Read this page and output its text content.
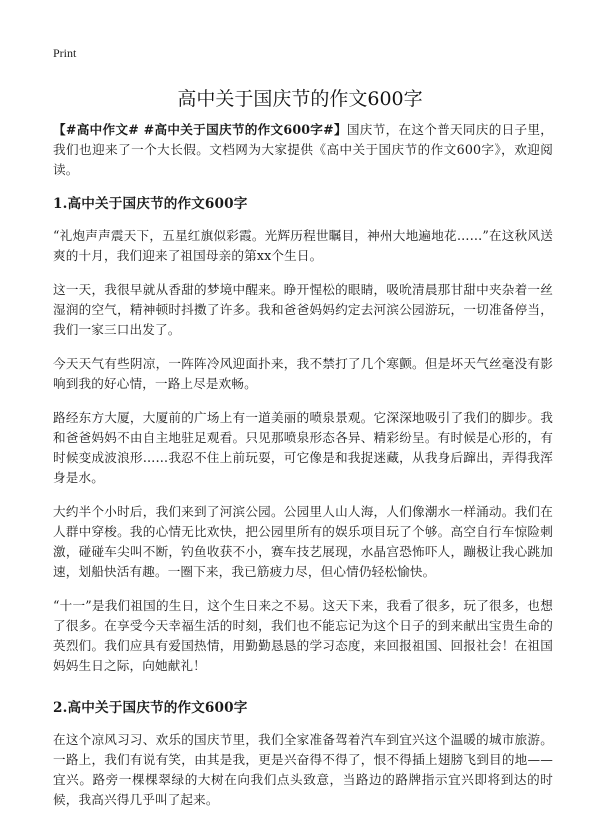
Print
高中关于国庆节的作文600字

【#高中作文# #高中关于国庆节的作文600字#】国庆节，在这个普天同庆的日子里，我们也迎来了一个大长假。文档网为大家提供《高中关于国庆节的作文600字》，欢迎阅读。

1.高中关于国庆节的作文600字

“礼炮声声震天下，五星红旗似彩霞。光辉历程世瞩目，神州大地遍地花……”在这秋风送爽的十月，我们迎来了祖国母亲的第xx个生日。

这一天，我很早就从香甜的梦境中醒来。睁开惺松的眼睛，吸吮清晨那甘甜中夹杂着一丝湿润的空气，精神顿时抖擞了许多。我和爸爸妈妈约定去河滨公园游玩，一切准备停当，我们一家三口出发了。

今天天气有些阴凉，一阵阵冷风迎面扑来，我不禁打了几个寒颤。但是坏天气丝毫没有影响到我的好心情，一路上尽是欢畅。

路经东方大厦，大厦前的广场上有一道美丽的喷泉景观。它深深地吸引了我们的脚步。我和爸爸妈妈不由自主地驻足观看。只见那喷泉形态各异、精彩纷呈。有时候是心形的，有时候变成波浪形……我忍不住上前玩耍，可它像是和我捉迷藏，从我身后蹿出，弄得我浑身是水。

大约半个小时后，我们来到了河滨公园。公园里人山人海，人们像潮水一样涌动。我们在人群中穿梭。我的心情无比欢快，把公园里所有的娱乐项目玩了个够。高空自行车惊险刺激，碰碰车尖叫不断，钓鱼收获不小，赛车技艺展现，水晶宫恐怖吓人，蹦极让我心跳加速，划船快活有趣。一圈下来，我已筋疲力尽，但心情仍轻松愉快。

“十一”是我们祖国的生日，这个生日来之不易。这天下来，我看了很多，玩了很多，也想了很多。在享受今天幸福生活的时刻，我们也不能忘记为这个日子的到来献出宝贵生命的英烈们。我们应具有爱国热情，用勤勤恳恳的学习态度，来回报祖国、回报社会！在祖国妈妈生日之际，向她献礼！

2.高中关于国庆节的作文600字

在这个凉风习习、欢乐的国庆节里，我们全家准备驾着汽车到宜兴这个温暖的城市旅游。一路上，我们有说有笑，由其是我，更是兴奋得不得了，恨不得插上翅膀飞到目的地——宜兴。路旁一棵棵翠绿的大树在向我们点头致意，当路边的路牌指示宜兴即将到达的时候，我高兴得几乎叫了起来。
